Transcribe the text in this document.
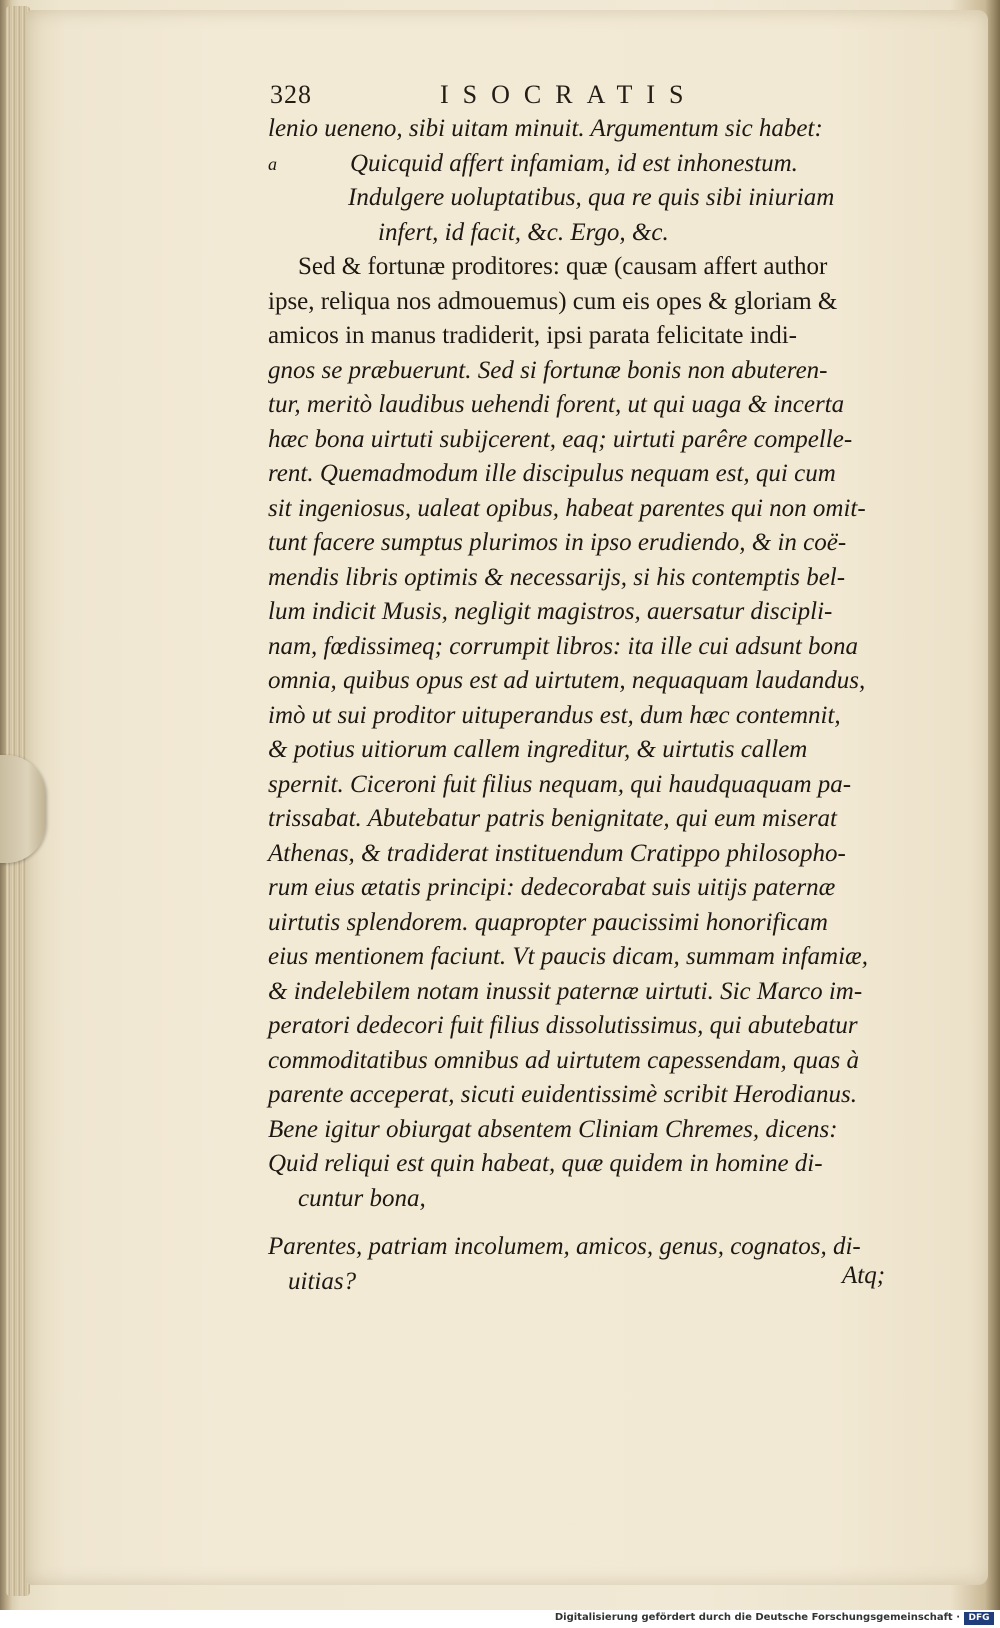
328	ISOCRATIS
lenio ueneno, sibi uitam minuit. Argumentum sic habet:
a	Quicquid affert infamiam, id est inhonestum.
Indulgere uoluptatibus, qua re quis sibi iniuriam
infert, id facit, &c. Ergo, &c.
Sed & fortunæ proditores: quæ (causam affert author
ipse, reliqua nos admouemus) cum eis opes & gloriam &
amicos in manus tradiderit, ipsi parata felicitate indi-
gnos se præbuerunt. Sed si fortunæ bonis non abuteren-
tur, meritò laudibus uehendi forent, ut qui uaga & incerta
hæc bona uirtuti subijcerent, eaq; uirtuti parêre compelle-
rent. Quemadmodum ille discipulus nequam est, qui cum
sit ingeniosus, ualeat opibus, habeat parentes qui non omit-
tunt facere sumptus plurimos in ipso erudiendo, & in coë-
mendis libris optimis & necessarijs, si his contemptis bel-
lum indicit Musis, negligit magistros, auersatur discipli-
nam, fœdissimeq; corrumpit libros: ita ille cui adsunt bona
omnia, quibus opus est ad uirtutem, nequaquam laudandus,
imò ut sui proditor uituperandus est, dum hæc contemnit,
& potius uitiorum callem ingreditur, & uirtutis callem
spernit. Ciceroni fuit filius nequam, qui haudquaquam pa-
trissabat. Abutebatur patris benignitate, qui eum miserat
Athenas, & tradiderat instituendum Cratippo philosopho-
rum eius ætatis principi: dedecorabat suis uitijs paternæ
uirtutis splendorem. quapropter paucissimi honorificam
eius mentionem faciunt. Vt paucis dicam, summam infamiæ,
& indelebilem notam inussit paternæ uirtuti. Sic Marco im-
peratori dedecori fuit filius dissolutissimus, qui abutebatur
commoditatibus omnibus ad uirtutem capessendam, quas à
parente acceperat, sicuti euidentissimè scribit Herodianus.
Bene igitur obiurgat absentem Cliniam Chremes, dicens:
Quid reliqui est quin habeat, quæ quidem in homine di-
cuntur bona,
Parentes, patriam incolumem, amicos, genus, cognatos, di-
uitias?	Atq;
Digitalisierung gefördert durch die Deutsche Forschungsgemeinschaft · DFG
